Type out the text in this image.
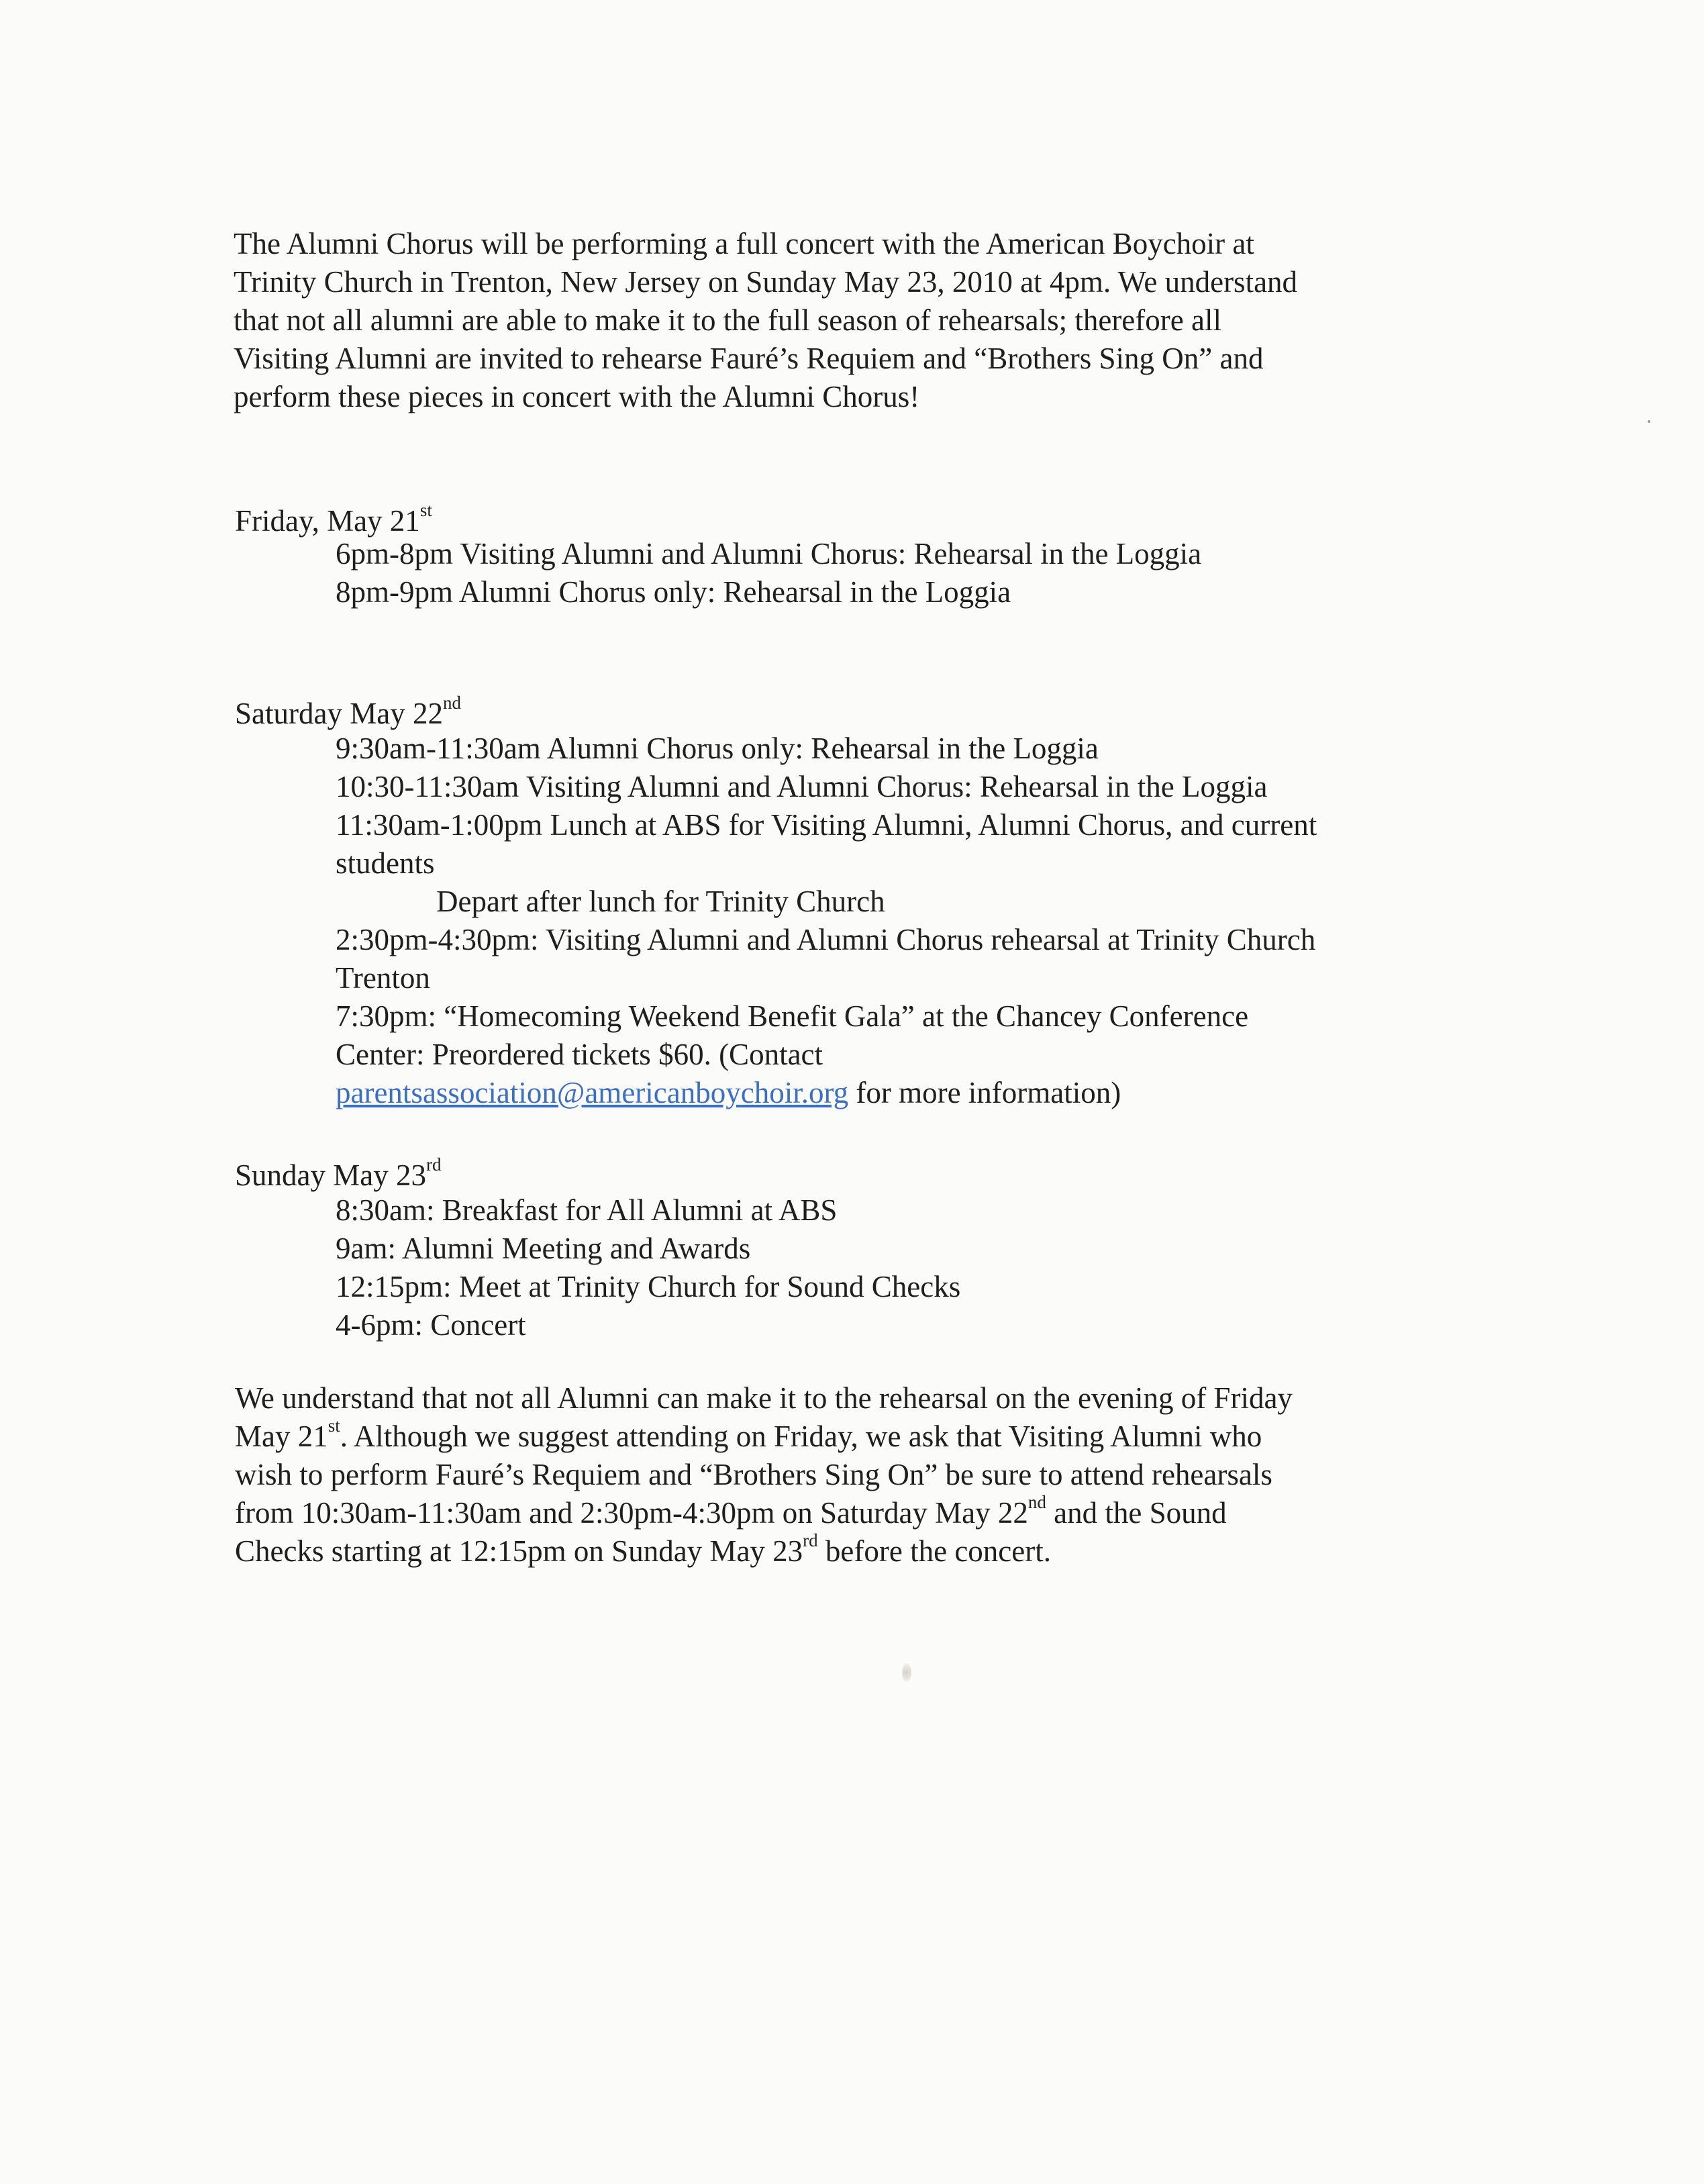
The Alumni Chorus will be performing a full concert with the American Boychoir at
Trinity Church in Trenton, New Jersey on Sunday May 23, 2010 at 4pm. We understand
that not all alumni are able to make it to the full season of rehearsals; therefore all
Visiting Alumni are invited to rehearse Fauré’s Requiem and “Brothers Sing On” and
perform these pieces in concert with the Alumni Chorus!
Friday, May 21st
6pm-8pm Visiting Alumni and Alumni Chorus: Rehearsal in the Loggia
8pm-9pm Alumni Chorus only: Rehearsal in the Loggia
Saturday May 22nd
9:30am-11:30am Alumni Chorus only: Rehearsal in the Loggia
10:30-11:30am Visiting Alumni and Alumni Chorus: Rehearsal in the Loggia
11:30am-1:00pm Lunch at ABS for Visiting Alumni, Alumni Chorus, and current
students
Depart after lunch for Trinity Church
2:30pm-4:30pm: Visiting Alumni and Alumni Chorus rehearsal at Trinity Church
Trenton
7:30pm: “Homecoming Weekend Benefit Gala” at the Chancey Conference
Center: Preordered tickets $60. (Contact
parentsassociation@americanboychoir.org for more information)
Sunday May 23rd
8:30am: Breakfast for All Alumni at ABS
9am: Alumni Meeting and Awards
12:15pm: Meet at Trinity Church for Sound Checks
4-6pm: Concert
We understand that not all Alumni can make it to the rehearsal on the evening of Friday
May 21st. Although we suggest attending on Friday, we ask that Visiting Alumni who
wish to perform Fauré’s Requiem and “Brothers Sing On” be sure to attend rehearsals
from 10:30am-11:30am and 2:30pm-4:30pm on Saturday May 22nd and the Sound
Checks starting at 12:15pm on Sunday May 23rd before the concert.
